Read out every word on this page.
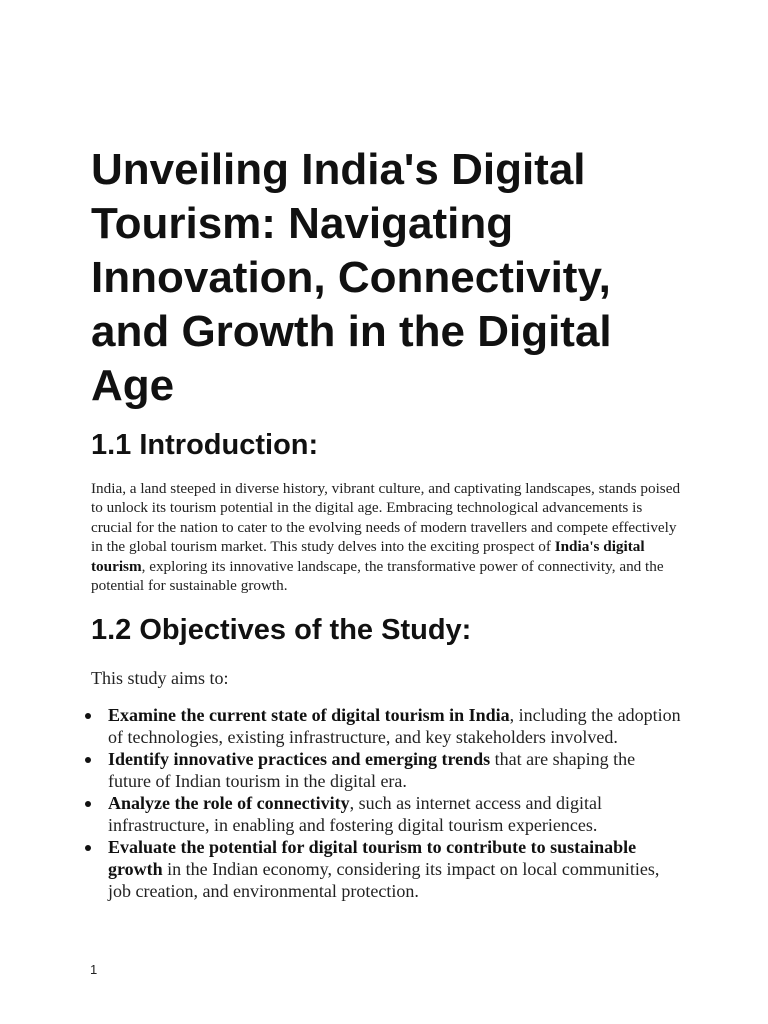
Unveiling India's Digital Tourism: Navigating Innovation, Connectivity, and Growth in the Digital Age
1.1 Introduction:

India, a land steeped in diverse history, vibrant culture, and captivating landscapes, stands poised to unlock its tourism potential in the digital age. Embracing technological advancements is crucial for the nation to cater to the evolving needs of modern travellers and compete effectively in the global tourism market. This study delves into the exciting prospect of India's digital tourism, exploring its innovative landscape, the transformative power of connectivity, and the potential for sustainable growth.

1.2 Objectives of the Study:

This study aims to:

Examine the current state of digital tourism in India, including the adoption of technologies, existing infrastructure, and key stakeholders involved.
Identify innovative practices and emerging trends that are shaping the future of Indian tourism in the digital era.
Analyze the role of connectivity, such as internet access and digital infrastructure, in enabling and fostering digital tourism experiences.
Evaluate the potential for digital tourism to contribute to sustainable growth in the Indian economy, considering its impact on local communities, job creation, and environmental protection.
1
